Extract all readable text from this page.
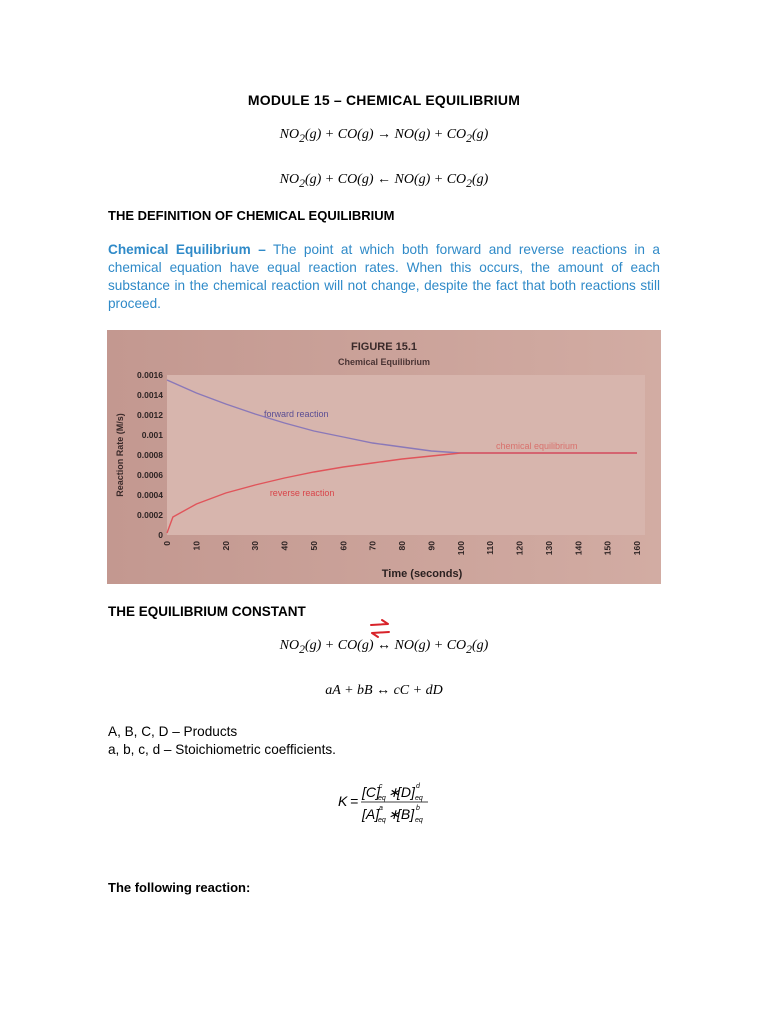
MODULE 15 – CHEMICAL EQUILIBRIUM
$NO_2(g) + CO(g) \to NO(g) + CO_2(g)$
$NO_2(g) + CO(g)$ ← $NO(g) + CO_2(g)$
THE DEFINITION OF CHEMICAL EQUILIBRIUM
Chemical Equilibrium – The point at which both forward and reverse reactions in a chemical equation have equal reaction rates. When this occurs, the amount of each substance in the chemical reaction will not change, despite the fact that both reactions still proceed.
0
0.0002
0.0004
0.0006
0.0008
0.001
0.0012
0.0014
0.0016
0 10 20 30 40 50 60 70 80 90 100 110 120 130 140 150 160
FIGURE 15.1
Chemical Equilibrium
forward reaction
reverse reaction
chemical equilibrium
Reaction Rate (M/s)
Time (seconds)
THE EQUILIBRIUM CONSTANT
$NO_2(g) + CO(g)$ ↔ $NO(g) + CO_2(g)$
aA + bB ↔ cC + dD
A, B, C, D – Products
a, b, c, d – Stoichiometric coefficients.
K =
[C]
eq
c ∗
[D] eq
d
[A]
eq
a ∗
[B] eq
b
The following reaction:
